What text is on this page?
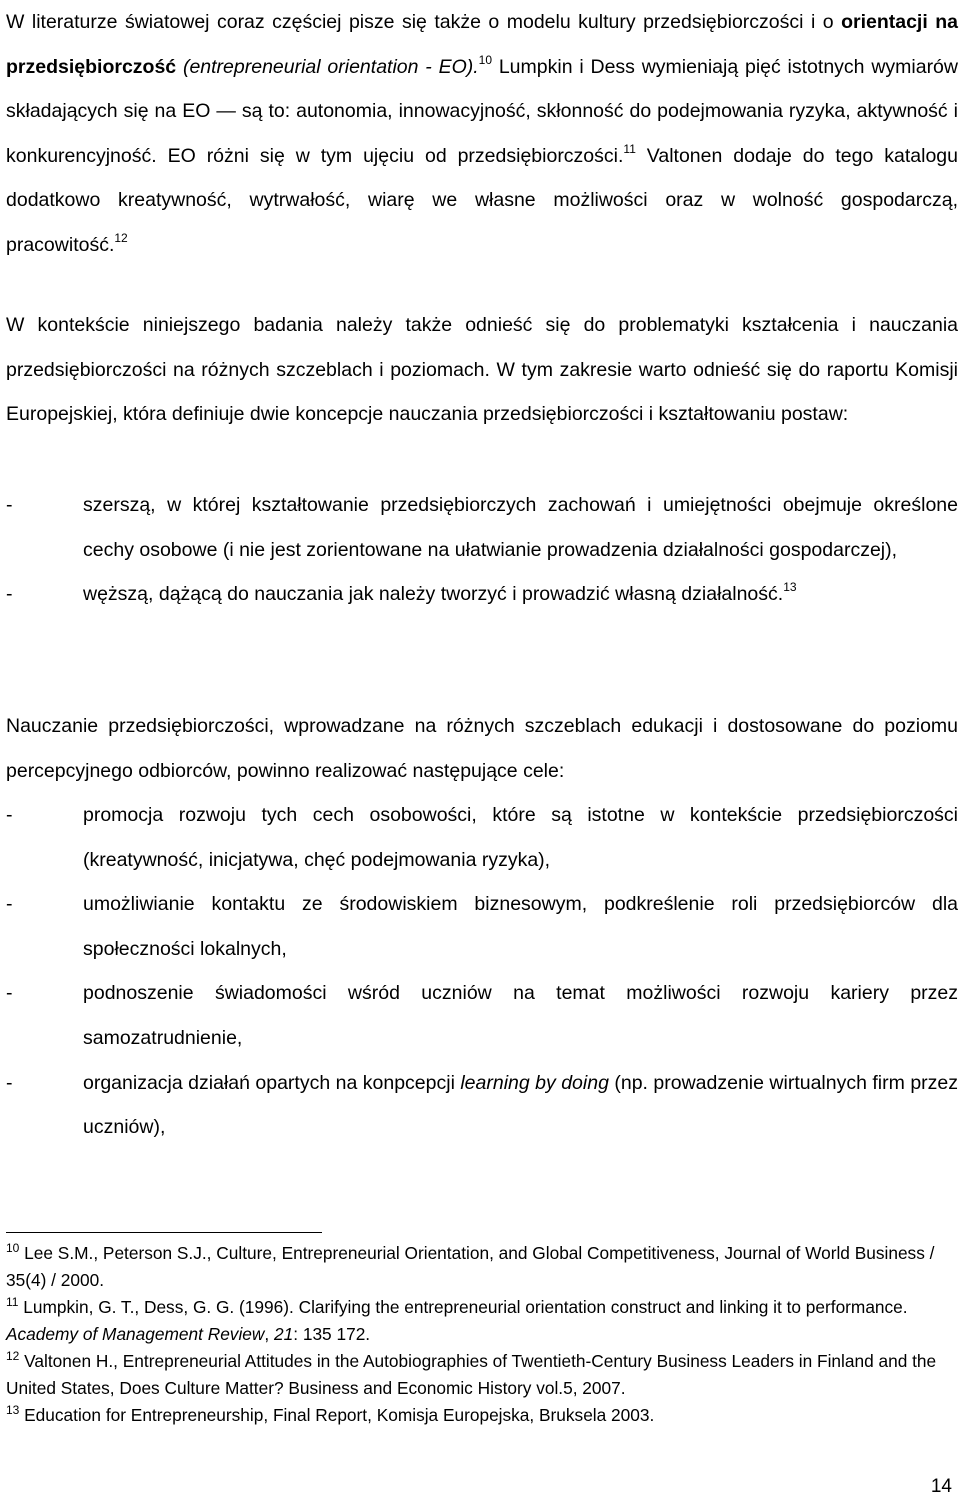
W literaturze światowej coraz częściej pisze się także o modelu kultury przedsiębiorczości i o orientacji na przedsiębiorczość (entrepreneurial orientation - EO).$^{10}$ Lumpkin i Dess wymieniają pięć istotnych wymiarów składających się na EO — są to: autonomia, innowacyjność, skłonność do podejmowania ryzyka, aktywność i konkurencyjność. EO różni się w tym ujęciu od przedsiębiorczości.$^{11}$ Valtonen dodaje do tego katalogu dodatkowo kreatywność, wytrwałość, wiarę we własne możliwości oraz w wolność gospodarczą, pracowitość.$^{12}$

W kontekście niniejszego badania należy także odnieść się do problematyki kształcenia i nauczania przedsiębiorczości na różnych szczeblach i poziomach. W tym zakresie warto odnieść się do raportu Komisji Europejskiej, która definiuje dwie koncepcje nauczania przedsiębiorczości i kształtowaniu postaw:

-	szerszą, w której kształtowanie przedsiębiorczych zachowań i umiejętności obejmuje określone cechy osobowe (i nie jest zorientowane na ułatwianie prowadzenia działalności gospodarczej),
-	węższą, dążącą do nauczania jak należy tworzyć i prowadzić własną działalność.$^{13}$

Nauczanie przedsiębiorczości, wprowadzane na różnych szczeblach edukacji i dostosowane do poziomu percepcyjnego odbiorców, powinno realizować następujące cele:

-	promocja rozwoju tych cech osobowości, które są istotne w kontekście przedsiębiorczości (kreatywność, inicjatywa, chęć podejmowania ryzyka),
-	umożliwianie kontaktu ze środowiskiem biznesowym, podkreślenie roli przedsiębiorców dla społeczności lokalnych,
-	podnoszenie świadomości wśród uczniów na temat możliwości rozwoju kariery przez samozatrudnienie,
-	organizacja działań opartych na konpcepcji learning by doing (np. prowadzenie wirtualnych firm przez uczniów),

$^{10}$ Lee S.M., Peterson S.J., Culture, Entrepreneurial Orientation, and Global Competitiveness, Journal of World Business / 35(4) / 2000.

$^{11}$ Lumpkin, G. T., Dess, G. G. (1996). Clarifying the entrepreneurial orientation construct and linking it to performance. Academy of Management Review, 21: 135 172.

$^{12}$ Valtonen H., Entrepreneurial Attitudes in the Autobiographies of Twentieth-Century Business Leaders in Finland and the United States, Does Culture Matter? Business and Economic History vol.5, 2007.

$^{13}$ Education for Entrepreneurship, Final Report, Komisja Europejska, Bruksela 2003.

14
